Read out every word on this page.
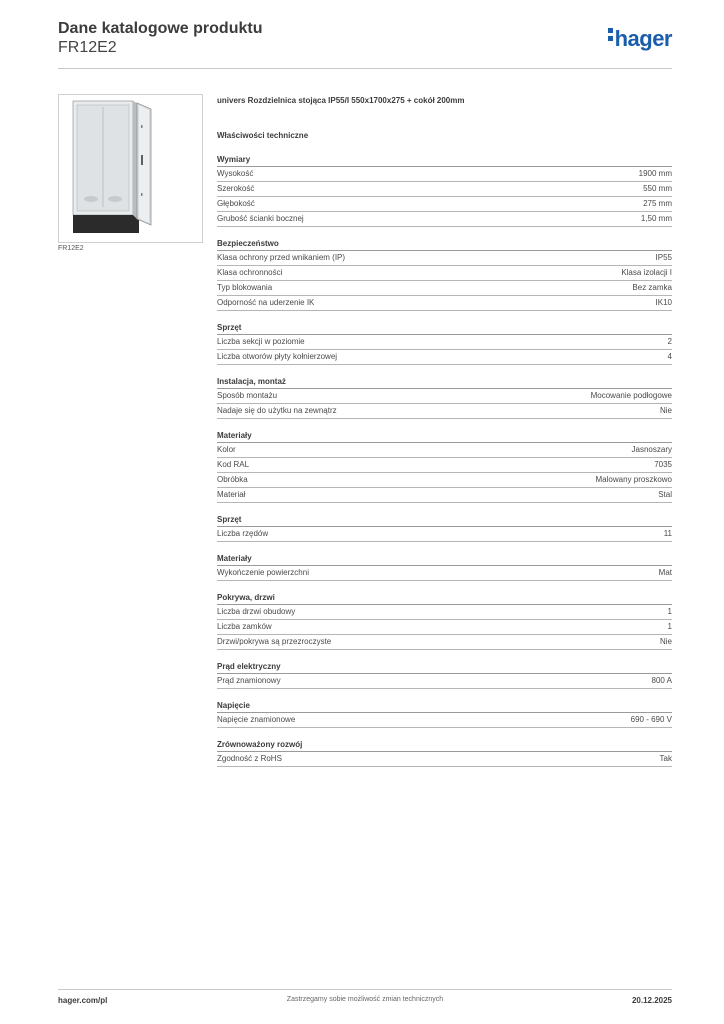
Dane katalogowe produktu
FR12E2	hager
FR12E2
univers Rozdzielnica stojąca IP55/I 550x1700x275 + cokół 200mm
Właściwości techniczne
Wymiary
Wysokość	1900 mm
Szerokość	550 mm
Głębokość	275 mm
Grubość ścianki bocznej	1,50 mm
Bezpieczeństwo
Klasa ochrony przed wnikaniem (IP)	IP55
Klasa ochronności	Klasa izolacji I
Typ blokowania	Bez zamka
Odporność na uderzenie IK	IK10
Sprzęt
Liczba sekcji w poziomie	2
Liczba otworów płyty kołnierzowej	4
Instalacja, montaż
Sposób montażu	Mocowanie podłogowe
Nadaje się do użytku na zewnątrz	Nie
Materiały
Kolor	Jasnoszary
Kod RAL	7035
Obróbka	Malowany proszkowo
Materiał	Stal
Sprzęt
Liczba rzędów	11
Materiały
Wykończenie powierzchni	Mat
Pokrywa, drzwi
Liczba drzwi obudowy	1
Liczba zamków	1
Drzwi/pokrywa są przezroczyste	Nie
Prąd elektryczny
Prąd znamionowy	800 A
Napięcie
Napięcie znamionowe	690 - 690 V
Zrównoważony rozwój
Zgodność z RoHS	Tak
Zastrzegamy sobie możliwość zmian technicznych
hager.com/pl	20.12.2025
